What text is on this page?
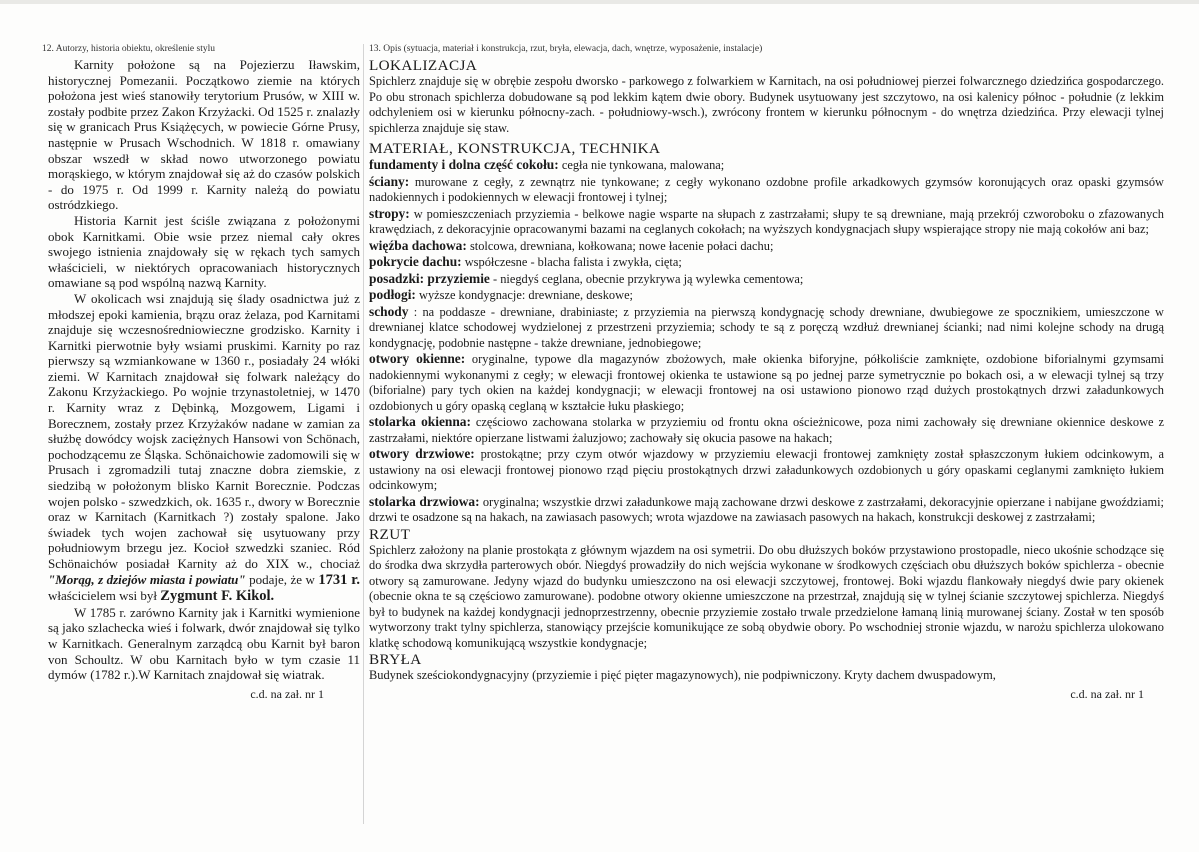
12. Autorzy, historia obiektu, określenie stylu

Karnity położone są na Pojezierzu Iławskim, historycznej Pomezanii. Początkowo ziemie na których położona jest wieś stanowiły terytorium Prusów, w XIII w. zostały podbite przez Zakon Krzyżacki. Od 1525 r. znalazły się w granicach Prus Książęcych, w powiecie Górne Prusy, następnie w Prusach Wschodnich. W 1818 r. omawiany obszar wszedł w skład nowo utworzonego powiatu morąskiego, w którym znajdował się aż do czasów polskich - do 1975 r. Od 1999 r. Karnity należą do powiatu ostródzkiego.

Historia Karnit jest ściśle związana z położonymi obok Karnitkami. Obie wsie przez niemal cały okres swojego istnienia znajdowały się w rękach tych samych właścicieli, w niektórych opracowaniach historycznych omawiane są pod wspólną nazwą Karnity.

W okolicach wsi znajdują się ślady osadnictwa już z młodszej epoki kamienia, brązu oraz żelaza, pod Karnitami znajduje się wczesnośredniowieczne grodzisko. Karnity i Karnitki pierwotnie były wsiami pruskimi. Karnity po raz pierwszy są wzmiankowane w 1360 r., posiadały 24 włóki ziemi. W Karnitach znajdował się folwark należący do Zakonu Krzyżackiego. Po wojnie trzynastoletniej, w 1470 r. Karnity wraz z Dębinką, Mozgowem, Ligami i Borecznem, zostały przez Krzyżaków nadane w zamian za służbę dowódcy wojsk zaciężnych Hansowi von Schönach, pochodzącemu ze Śląska. Schönaichowie zadomowili się w Prusach i zgromadzili tutaj znaczne dobra ziemskie, z siedzibą w położonym blisko Karnit Borecznie. Podczas wojen polsko - szwedzkich, ok. 1635 r., dwory w Borecznie oraz w Karnitach (Karnitkach ?) zostały spalone. Jako świadek tych wojen zachował się usytuowany przy południowym brzegu jez. Kocioł szwedzki szaniec. Ród Schönaichów posiadał Karnity aż do XIX w., chociaż "Morąg, z dziejów miasta i powiatu" podaje, że w 1731 r. właścicielem wsi był Zygmunt F. Kikol.

W 1785 r. zarówno Karnity jak i Karnitki wymienione są jako szlachecka wieś i folwark, dwór znajdował się tylko w Karnitkach. Generalnym zarządcą obu Karnit był baron von Schoultz. W obu Karnitach było w tym czasie 11 dymów (1782 r.).W Karnitach znajdował się wiatrak.

c.d. na zał. nr 1
13. Opis (sytuacja, materiał i konstrukcja, rzut, bryła, elewacja, dach, wnętrze, wyposażenie, instalacje)
LOKALIZACJA

Spichlerz znajduje się w obrębie zespołu dworsko - parkowego z folwarkiem w Karnitach, na osi południowej pierzei folwarcznego dziedzińca gospodarczego. Po obu stronach spichlerza dobudowane są pod lekkim kątem dwie obory. Budynek usytuowany jest szczytowo, na osi kalenicy północ - południe (z lekkim odchyleniem osi w kierunku północny-zach. - południowy-wsch.), zwrócony frontem w kierunku północnym - do wnętrza dziedzińca. Przy elewacji tylnej spichlerza znajduje się staw.

MATERIAŁ, KONSTRUKCJA, TECHNIKA

fundamenty i dolna część cokołu: cegła nie tynkowana, malowana;

ściany: murowane z cegły, z zewnątrz nie tynkowane; z cegły wykonano ozdobne profile arkadkowych gzymsów koronujących oraz opaski gzymsów nadokiennych i podokiennych w elewacji frontowej i tylnej;

stropy: w pomieszczeniach przyziemia - belkowe nagie wsparte na słupach z zastrzałami; słupy te są drewniane, mają przekrój czworoboku o zfazowanych krawędziach, z dekoracyjnie opracowanymi bazami na ceglanych cokołach; na wyższych kondygnacjach słupy wspierające stropy nie mają cokołów ani baz;

więźba dachowa: stolcowa, drewniana, kołkowana; nowe łacenie połaci dachu;

pokrycie dachu: współczesne - blacha falista i zwykła, cięta;

posadzki: przyziemie - niegdyś ceglana, obecnie przykrywa ją wylewka cementowa;

podłogi: wyższe kondygnacje: drewniane, deskowe;

schody : na poddasze - drewniane, drabiniaste; z przyziemia na pierwszą kondygnację schody drewniane, dwubiegowe ze spocznikiem, umieszczone w drewnianej klatce schodowej wydzielonej z przestrzeni przyziemia; schody te są z poręczą wzdłuż drewnianej ścianki; nad nimi kolejne schody na drugą kondygnację, podobnie następne - także drewniane, jednobiegowe;

otwory okienne: oryginalne, typowe dla magazynów zbożowych, małe okienka biforyjne, półkoliście zamknięte, ozdobione biforialnymi gzymsami nadokiennymi wykonanymi z cegły; w elewacji frontowej okienka te ustawione są po jednej parze symetrycznie po bokach osi, a w elewacji tylnej są trzy (biforialne) pary tych okien na każdej kondygnacji; w elewacji frontowej na osi ustawiono pionowo rząd dużych prostokątnych drzwi załadunkowych ozdobionych u góry opaską ceglaną w kształcie łuku płaskiego;

stolarka okienna: częściowo zachowana stolarka w przyziemiu od frontu okna ościeżnicowe, poza nimi zachowały się drewniane okiennice deskowe z zastrzałami, niektóre opierzane listwami żaluzjowo; zachowały się okucia pasowe na hakach;

otwory drzwiowe: prostokątne; przy czym otwór wjazdowy w przyziemiu elewacji frontowej zamknięty został spłaszczonym łukiem odcinkowym, a ustawiony na osi elewacji frontowej pionowo rząd pięciu prostokątnych drzwi załadunkowych ozdobionych u góry opaskami ceglanymi zamknięto łukiem odcinkowym;

stolarka drzwiowa: oryginalna; wszystkie drzwi załadunkowe mają zachowane drzwi deskowe z zastrzałami, dekoracyjnie opierzane i nabijane gwoździami; drzwi te osadzone są na hakach, na zawiasach pasowych; wrota wjazdowe na zawiasach pasowych na hakach, konstrukcji deskowej z zastrzałami;

RZUT

Spichlerz założony na planie prostokąta z głównym wjazdem na osi symetrii. Do obu dłuższych boków przystawiono prostopadle, nieco ukośnie schodzące się do środka dwa skrzydła parterowych obór. Niegdyś prowadziły do nich wejścia wykonane w środkowych częściach obu dłuższych boków spichlerza - obecnie otwory są zamurowane. Jedyny wjazd do budynku umieszczono na osi elewacji szczytowej, frontowej. Boki wjazdu flankowały niegdyś dwie pary okienek (obecnie okna te są częściowo zamurowane). podobne otwory okienne umieszczone na przestrzał, znajdują się w tylnej ścianie szczytowej spichlerza. Niegdyś był to budynek na każdej kondygnacji jednoprzestrzenny, obecnie przyziemie zostało trwale przedzielone łamaną linią murowanej ściany. Został w ten sposób wytworzony trakt tylny spichlerza, stanowiący przejście komunikujące ze sobą obydwie obory. Po wschodniej stronie wjazdu, w narożu spichlerza ulokowano klatkę schodową komunikującą wszystkie kondygnacje;

BRYŁA

Budynek sześciokondygnacyjny (przyziemie i pięć pięter magazynowych), nie podpiwniczony. Kryty dachem dwuspadowym,

c.d. na zał. nr 1
